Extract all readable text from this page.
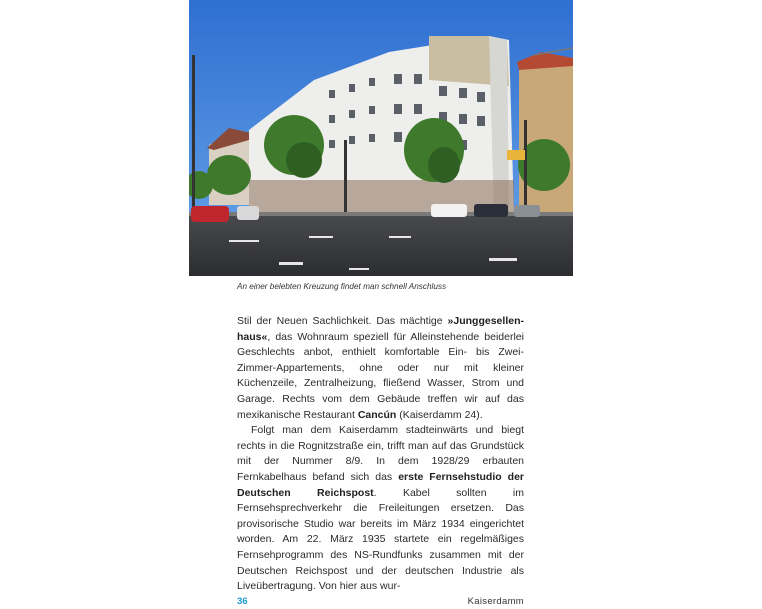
An einer belebten Kreuzung findet man schnell Anschluss

Stil der Neuen Sachlichkeit. Das mächtige »Junggesellen-haus«, das Wohnraum speziell für Alleinstehende beiderlei Geschlechts anbot, enthielt komfortable Ein- bis Zwei-Zimmer-Appartements, ohne oder nur mit kleiner Küchenzeile, Zentralheizung, fließend Wasser, Strom und Garage. Rechts vom dem Gebäude treffen wir auf das mexikanische Restaurant Cancún (Kaiserdamm 24).

Folgt man dem Kaiserdamm stadteinwärts und biegt rechts in die Rognitzstraße ein, trifft man auf das Grundstück mit der Nummer 8/9. In dem 1928/29 erbauten Fernkabelhaus befand sich das erste Fernsehstudio der Deutschen Reichspost. Kabel sollten im Fernsehsprechverkehr die Freileitungen ersetzen. Das provisorische Studio war bereits im März 1934 eingerichtet worden. Am 22. März 1935 startete ein regelmäßiges Fernsehprogramm des NS-Rundfunks zusammen mit der Deutschen Reichspost und der deutschen Industrie als Liveübertragung. Von hier aus wur-

36	Kaiserdamm
